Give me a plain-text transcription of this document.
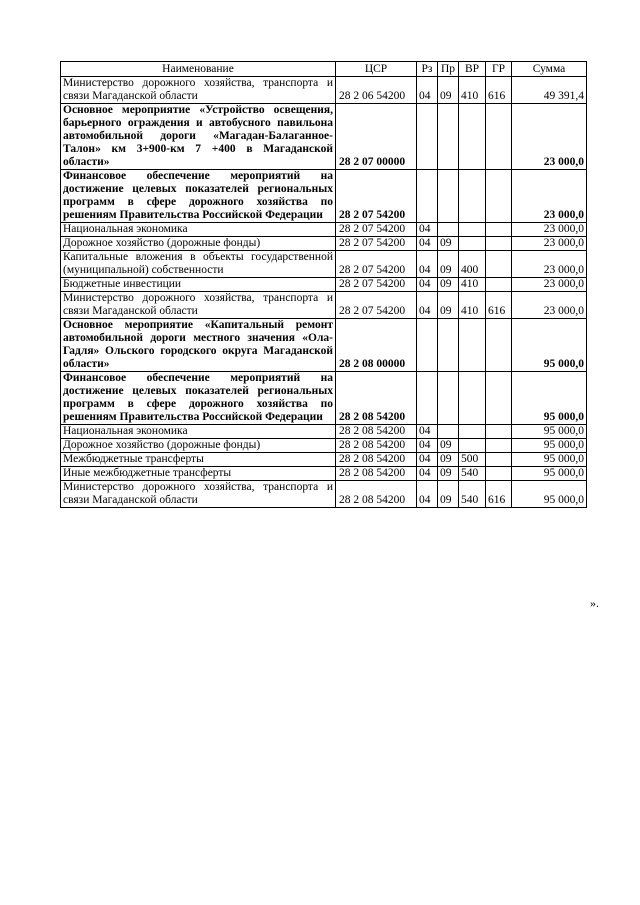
Наименование	ЦСР	Рз	Пр	ВР	ГР	Сумма
Министерство дорожного хозяйства, транспорта и связи Магаданской области	28 2 06 54200	04	09	410	616	49 391,4
Основное мероприятие «Устройство освещения, барьерного ограждения и автобусного павильона автомобильной дороги «Магадан-Балаганное-Талон» км 3+900-км 7 +400 в Магаданской области»	28 2 07 00000					23 000,0
Финансовое обеспечение мероприятий на достижение целевых показателей региональных программ в сфере дорожного хозяйства по решениям Правительства Российской Федерации	28 2 07 54200					23 000,0
Национальная экономика	28 2 07 54200	04				23 000,0
Дорожное хозяйство (дорожные фонды)	28 2 07 54200	04	09			23 000,0
Капитальные вложения в объекты государственной (муниципальной) собственности	28 2 07 54200	04	09	400		23 000,0
Бюджетные инвестиции	28 2 07 54200	04	09	410		23 000,0
Министерство дорожного хозяйства, транспорта и связи Магаданской области	28 2 07 54200	04	09	410	616	23 000,0
Основное мероприятие «Капитальный ремонт автомобильной дороги местного значения «Ола-Гадля» Ольского городского округа Магаданской области»	28 2 08 00000					95 000,0
Финансовое обеспечение мероприятий на достижение целевых показателей региональных программ в сфере дорожного хозяйства по решениям Правительства Российской Федерации	28 2 08 54200					95 000,0
Национальная экономика	28 2 08 54200	04				95 000,0
Дорожное хозяйство (дорожные фонды)	28 2 08 54200	04	09			95 000,0
Межбюджетные трансферты	28 2 08 54200	04	09	500		95 000,0
Иные межбюджетные трансферты	28 2 08 54200	04	09	540		95 000,0
Министерство дорожного хозяйства, транспорта и связи Магаданской области	28 2 08 54200	04	09	540	616	95 000,0
».
